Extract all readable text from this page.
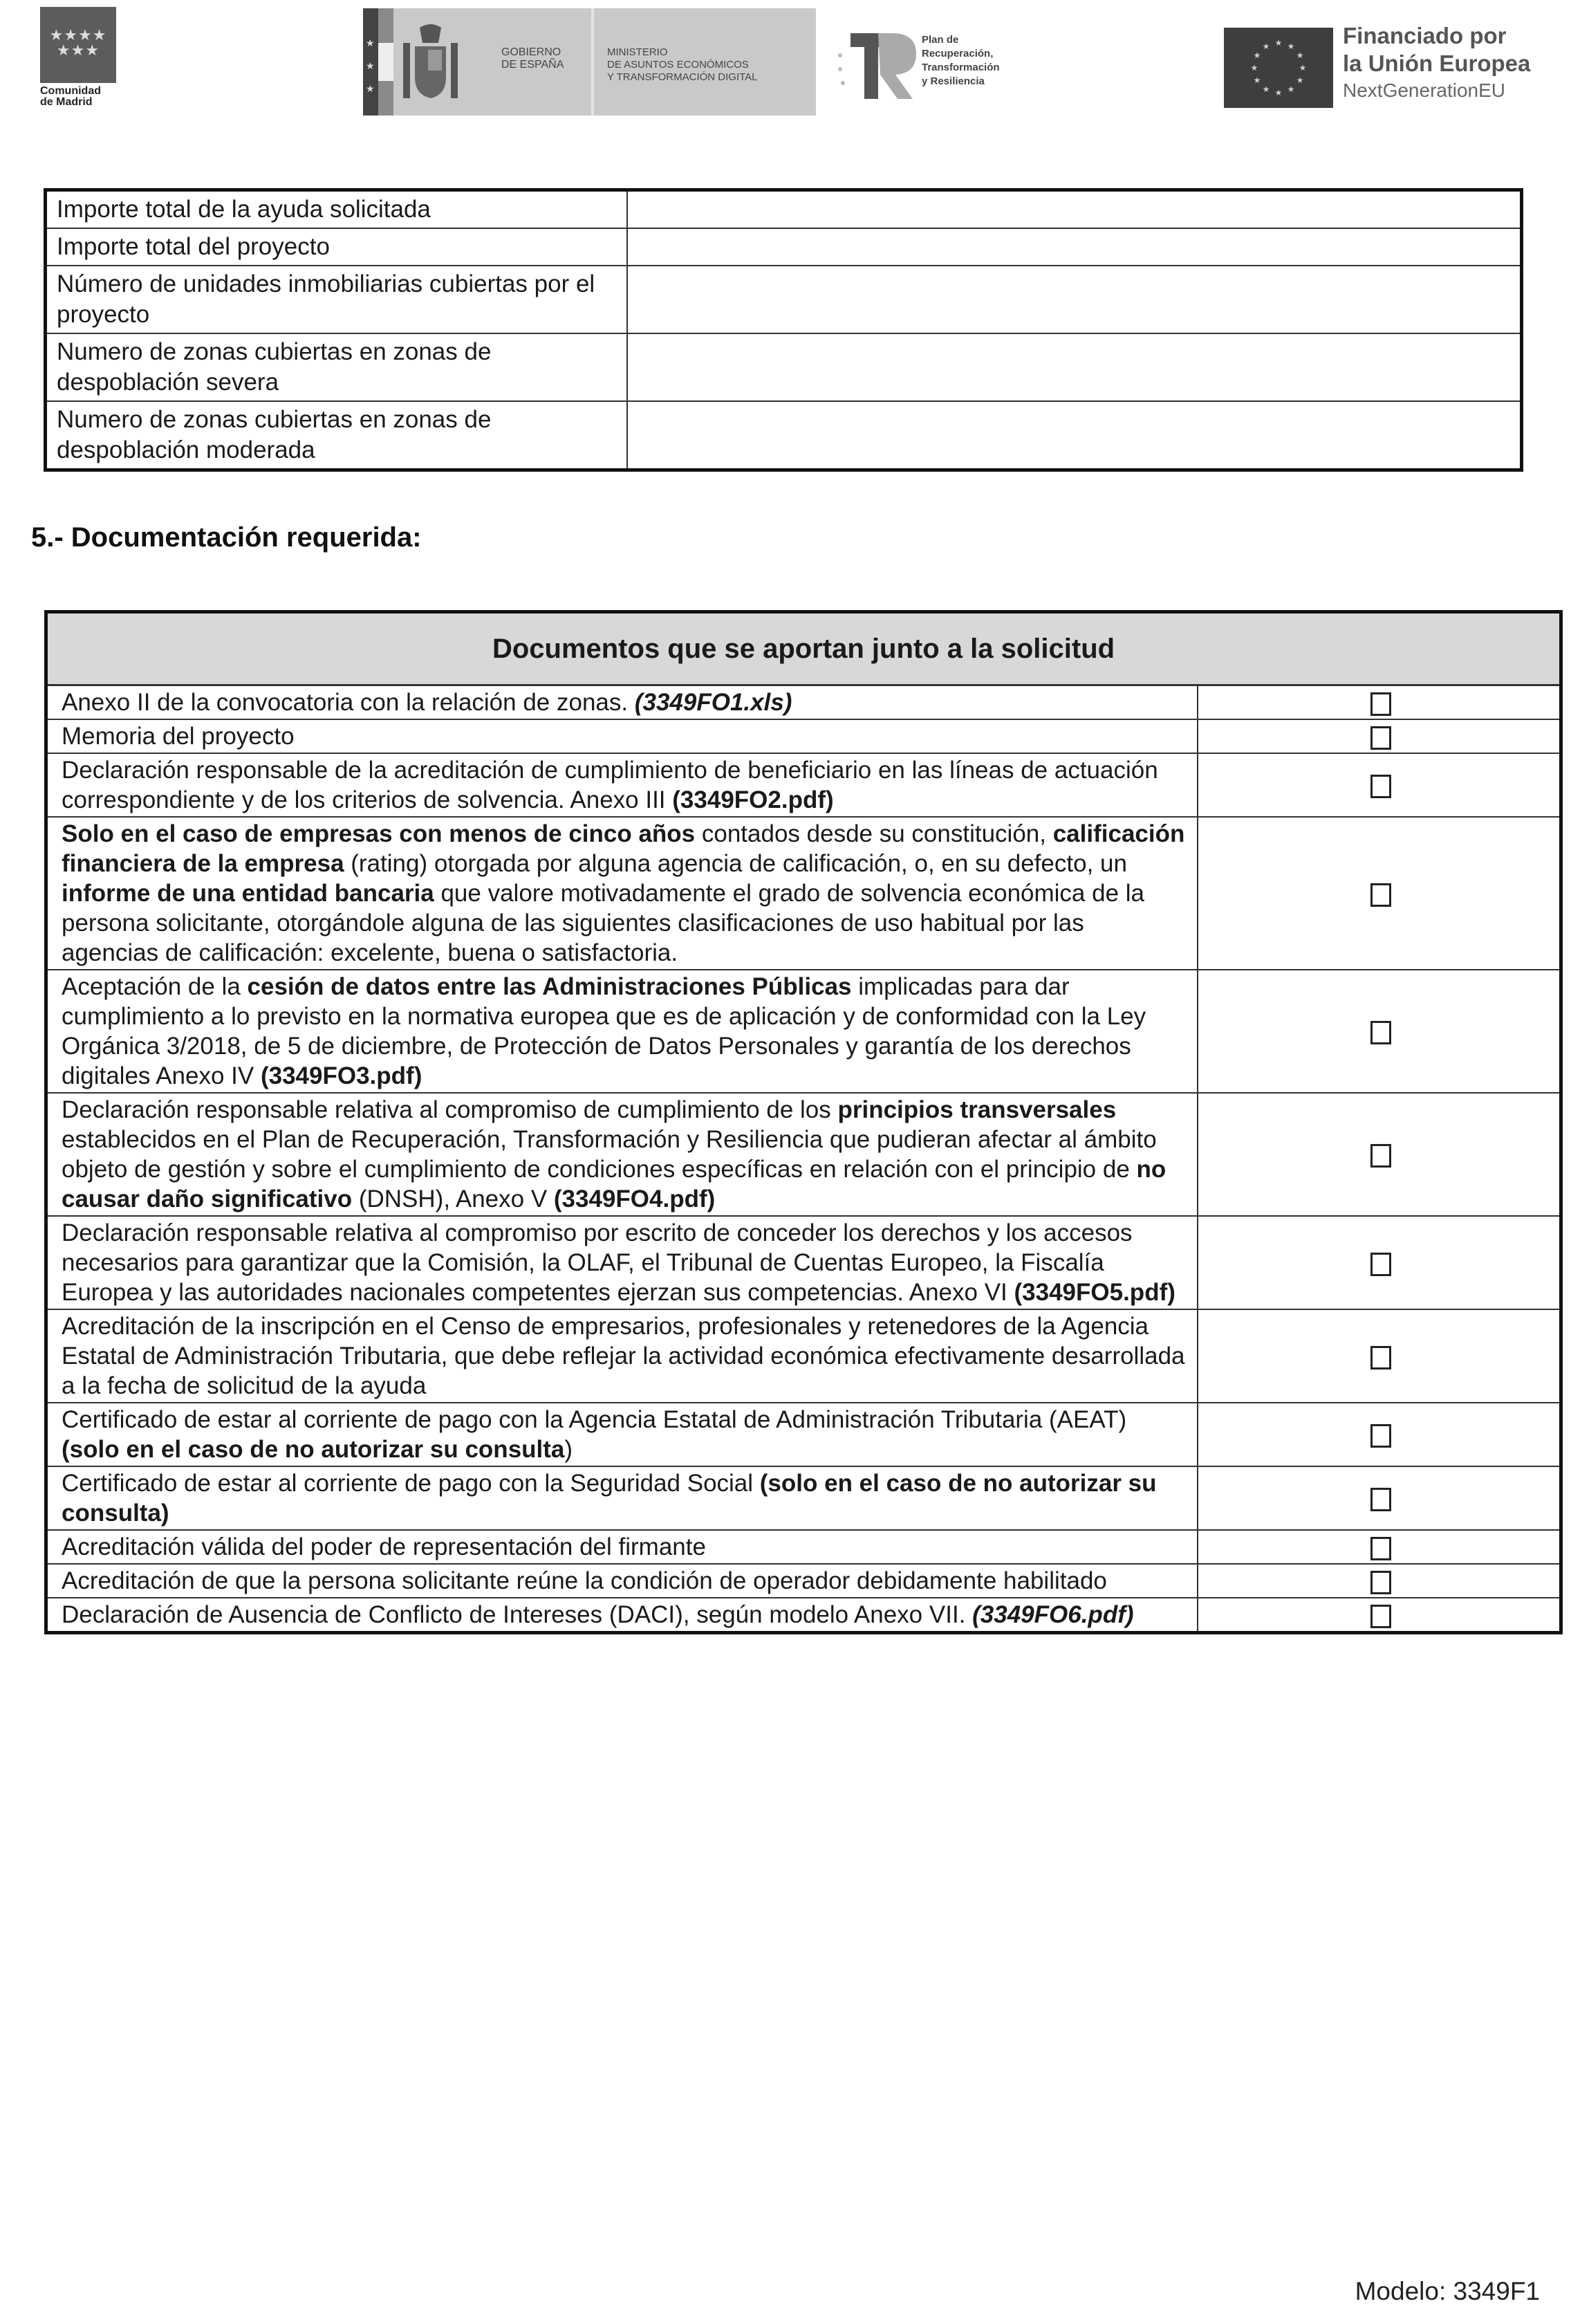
★★★★ ★★★
Comunidad
de Madrid
★
★
★
GOBIERNO
DE ESPAÑA
MINISTERIO
DE ASUNTOS ECONÓMICOS
Y TRANSFORMACIÓN DIGITAL
Plan de
Recuperación,
Transformación
y Resiliencia
★ ★
★
★
★
★
★
★
★
★
★
★	Financiado por
la Unión Europea
NextGenerationEU
Importe total de la ayuda solicitada	
Importe total del proyecto	
Número de unidades inmobiliarias cubiertas por el proyecto	
Numero de zonas cubiertas en zonas de despoblación severa	
Numero de zonas cubiertas en zonas de despoblación moderada	
5.- Documentación requerida:
Documentos que se aportan junto a la solicitud	
Anexo II de la convocatoria con la relación de zonas. (3349FO1.xls)	
Memoria del proyecto	
Declaración responsable de la acreditación de cumplimiento de beneficiario en las líneas de actuación correspondiente y de los criterios de solvencia. Anexo III (3349FO2.pdf)	
Solo en el caso de empresas con menos de cinco años contados desde su constitución, calificación financiera de la empresa (rating) otorgada por alguna agencia de calificación, o, en su defecto, un informe de una entidad bancaria que valore motivadamente el grado de solvencia económica de la persona solicitante, otorgándole alguna de las siguientes clasificaciones de uso habitual por las agencias de calificación: excelente, buena o satisfactoria.	
Aceptación de la cesión de datos entre las Administraciones Públicas implicadas para dar cumplimiento a lo previsto en la normativa europea que es de aplicación y de conformidad con la Ley Orgánica 3/2018, de 5 de diciembre, de Protección de Datos Personales y garantía de los derechos digitales Anexo IV (3349FO3.pdf)	
Declaración responsable relativa al compromiso de cumplimiento de los principios transversales establecidos en el Plan de Recuperación, Transformación y Resiliencia que pudieran afectar al ámbito objeto de gestión y sobre el cumplimiento de condiciones específicas en relación con el principio de no causar daño significativo (DNSH), Anexo V (3349FO4.pdf)	
Declaración responsable relativa al compromiso por escrito de conceder los derechos y los accesos necesarios para garantizar que la Comisión, la OLAF, el Tribunal de Cuentas Europeo, la Fiscalía Europea y las autoridades nacionales competentes ejerzan sus competencias. Anexo VI (3349FO5.pdf)	
Acreditación de la inscripción en el Censo de empresarios, profesionales y retenedores de la Agencia Estatal de Administración Tributaria, que debe reflejar la actividad económica efectivamente desarrollada a la fecha de solicitud de la ayuda	
Certificado de estar al corriente de pago con la Agencia Estatal de Administración Tributaria (AEAT) (solo en el caso de no autorizar su consulta)	
Certificado de estar al corriente de pago con la Seguridad Social (solo en el caso de no autorizar su consulta)	
Acreditación válida del poder de representación del firmante	
Acreditación de que la persona solicitante reúne la condición de operador debidamente habilitado	
Declaración de Ausencia de Conflicto de Intereses (DACI), según modelo Anexo VII. (3349FO6.pdf)	
Modelo: 3349F1
